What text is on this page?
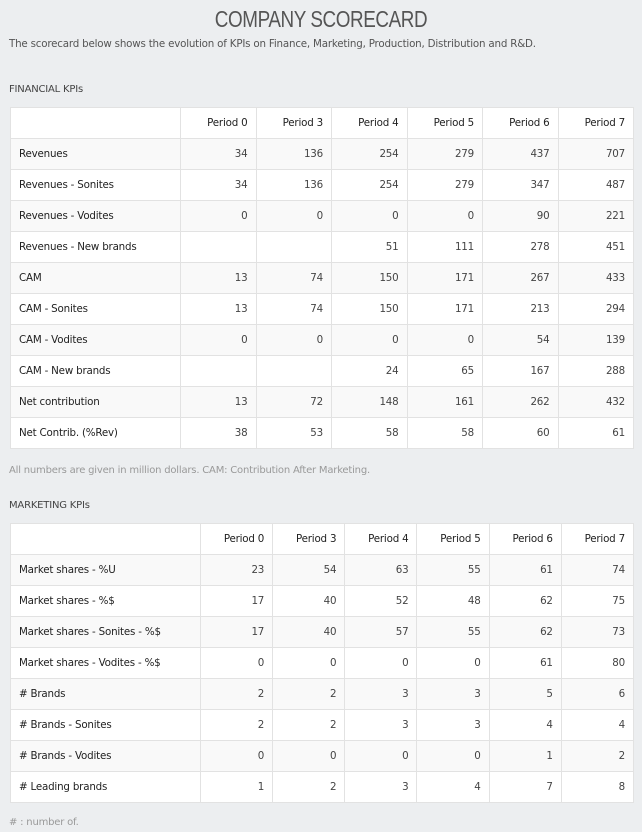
COMPANY SCORECARD
The scorecard below shows the evolution of KPIs on Finance, Marketing, Production, Distribution and R&D.
FINANCIAL KPIs
	Period 0	Period 3	Period 4	Period 5	Period 6	Period 7
Revenues	34	136	254	279	437	707
Revenues - Sonites	34	136	254	279	347	487
Revenues - Vodites	0	0	0	0	90	221
Revenues - New brands			51	111	278	451
CAM	13	74	150	171	267	433
CAM - Sonites	13	74	150	171	213	294
CAM - Vodites	0	0	0	0	54	139
CAM - New brands			24	65	167	288
Net contribution	13	72	148	161	262	432
Net Contrib. (%Rev)	38	53	58	58	60	61
All numbers are given in million dollars. CAM: Contribution After Marketing.
MARKETING KPIs
	Period 0	Period 3	Period 4	Period 5	Period 6	Period 7
Market shares - %U	23	54	63	55	61	74
Market shares - %$	17	40	52	48	62	75
Market shares - Sonites - %$	17	40	57	55	62	73
Market shares - Vodites - %$	0	0	0	0	61	80
# Brands	2	2	3	3	5	6
# Brands - Sonites	2	2	3	3	4	4
# Brands - Vodites	0	0	0	0	1	2
# Leading brands	1	2	3	4	7	8
# : number of.
